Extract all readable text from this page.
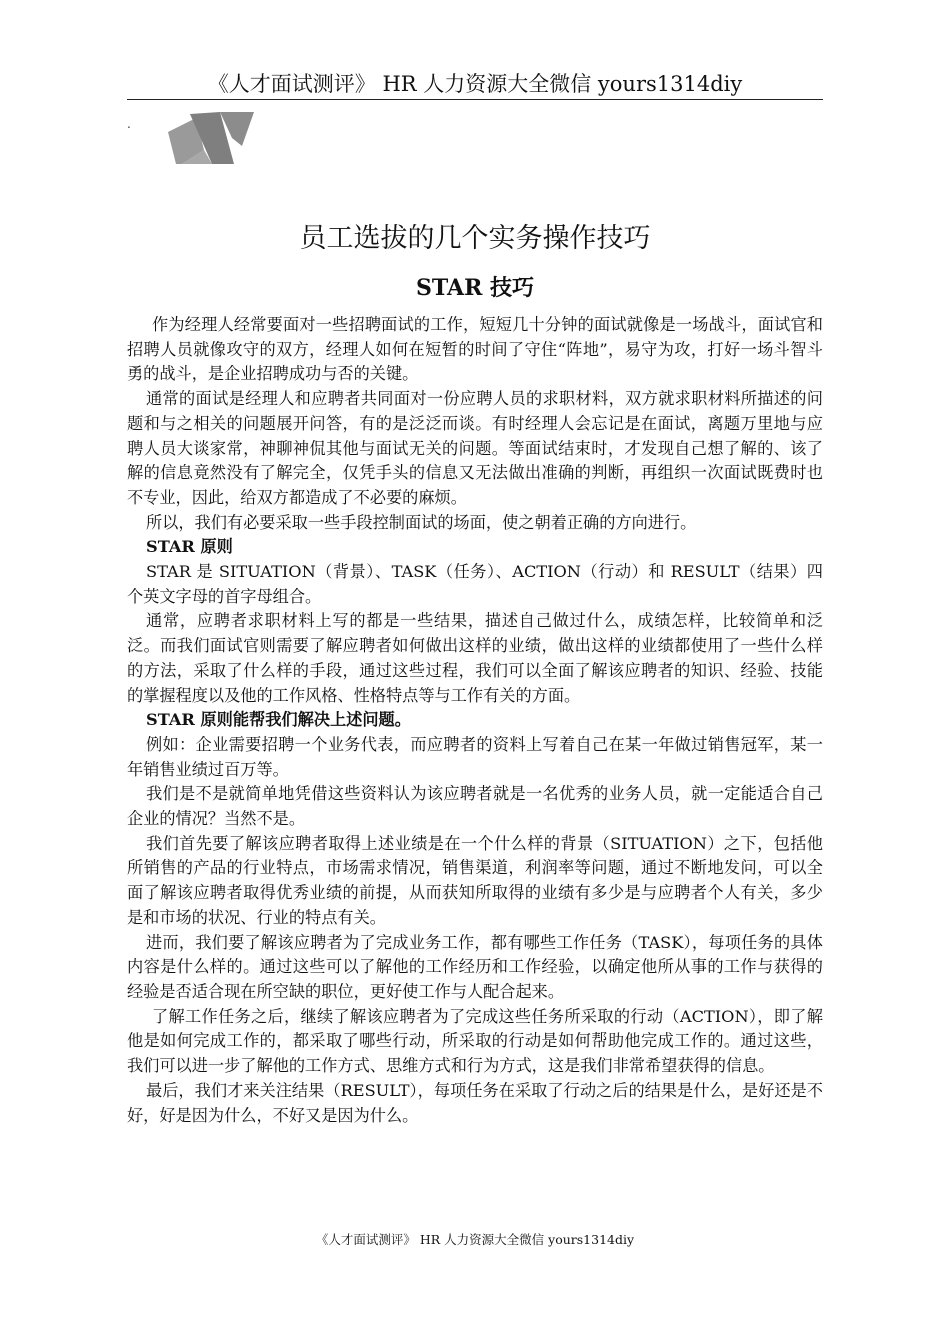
《人才面试测评》 HR 人力资源大全微信 yours1314diy
.
员工选拔的几个实务操作技巧
STAR 技巧

作为经理人经常要面对一些招聘面试的工作，短短几十分钟的面试就像是一场战斗，面试官和招聘人员就像攻守的双方，经理人如何在短暂的时间了守住“阵地”，易守为攻，打好一场斗智斗勇的战斗，是企业招聘成功与否的关键。

通常的面试是经理人和应聘者共同面对一份应聘人员的求职材料，双方就求职材料所描述的问题和与之相关的问题展开问答，有的是泛泛而谈。有时经理人会忘记是在面试，离题万里地与应聘人员大谈家常，神聊神侃其他与面试无关的问题。等面试结束时，才发现自己想了解的、该了解的信息竟然没有了解完全，仅凭手头的信息又无法做出准确的判断，再组织一次面试既费时也不专业，因此，给双方都造成了不必要的麻烦。

所以，我们有必要采取一些手段控制面试的场面，使之朝着正确的方向进行。

STAR 原则

STAR 是 SITUATION（背景）、TASK（任务）、ACTION（行动）和 RESULT（结果）四个英文字母的首字母组合。

通常，应聘者求职材料上写的都是一些结果，描述自己做过什么，成绩怎样，比较简单和泛泛。而我们面试官则需要了解应聘者如何做出这样的业绩，做出这样的业绩都使用了一些什么样的方法，采取了什么样的手段，通过这些过程，我们可以全面了解该应聘者的知识、经验、技能的掌握程度以及他的工作风格、性格特点等与工作有关的方面。

STAR 原则能帮我们解决上述问题。

例如：企业需要招聘一个业务代表，而应聘者的资料上写着自己在某一年做过销售冠军，某一年销售业绩过百万等。

我们是不是就简单地凭借这些资料认为该应聘者就是一名优秀的业务人员，就一定能适合自己企业的情况？当然不是。

我们首先要了解该应聘者取得上述业绩是在一个什么样的背景（SITUATION）之下，包括他所销售的产品的行业特点，市场需求情况，销售渠道，利润率等问题，通过不断地发问，可以全面了解该应聘者取得优秀业绩的前提，从而获知所取得的业绩有多少是与应聘者个人有关，多少是和市场的状况、行业的特点有关。

进而，我们要了解该应聘者为了完成业务工作，都有哪些工作任务（TASK），每项任务的具体内容是什么样的。通过这些可以了解他的工作经历和工作经验，以确定他所从事的工作与获得的经验是否适合现在所空缺的职位，更好使工作与人配合起来。

了解工作任务之后，继续了解该应聘者为了完成这些任务所采取的行动（ACTION），即了解他是如何完成工作的，都采取了哪些行动，所采取的行动是如何帮助他完成工作的。通过这些，我们可以进一步了解他的工作方式、思维方式和行为方式，这是我们非常希望获得的信息。

最后，我们才来关注结果（RESULT），每项任务在采取了行动之后的结果是什么，是好还是不好，好是因为什么，不好又是因为什么。

《人才面试测评》 HR 人力资源大全微信 yours1314diy
